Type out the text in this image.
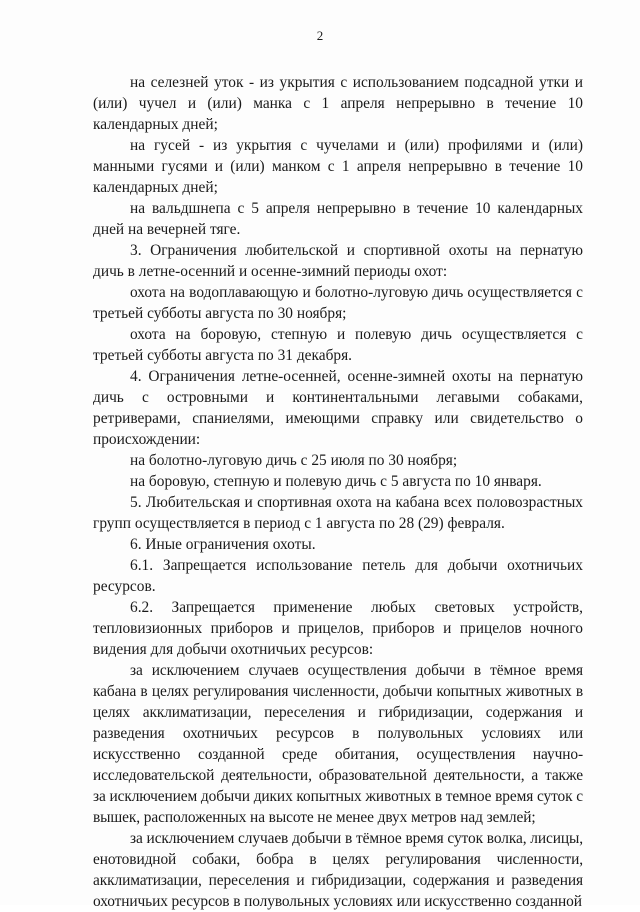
2

на селезней уток - из укрытия с использованием подсадной утки и (или) чучел и (или) манка с 1 апреля непрерывно в течение 10 календарных дней;

на гусей - из укрытия с чучелами и (или) профилями и (или) манными гусями и (или) манком с 1 апреля непрерывно в течение 10 календарных дней;

на вальдшнепа с 5 апреля непрерывно в течение 10 календарных дней на вечерней тяге.

3. Ограничения любительской и спортивной охоты на пернатую дичь в летне-осенний и осенне-зимний периоды охот:

охота на водоплавающую и болотно-луговую дичь осуществляется с третьей субботы августа по 30 ноября;

охота на боровую, степную и полевую дичь осуществляется с третьей субботы августа по 31 декабря.

4. Ограничения летне-осенней, осенне-зимней охоты на пернатую дичь с островными и континентальными легавыми собаками, ретриверами, спаниелями, имеющими справку или свидетельство о происхождении:

на болотно-луговую дичь с 25 июля по 30 ноября;

на боровую, степную и полевую дичь с 5 августа по 10 января.

5. Любительская и спортивная охота на кабана всех половозрастных групп осуществляется в период с 1 августа по 28 (29) февраля.

6. Иные ограничения охоты.

6.1. Запрещается использование петель для добычи охотничьих ресурсов.

6.2. Запрещается применение любых световых устройств, тепловизионных приборов и прицелов, приборов и прицелов ночного видения для добычи охотничьих ресурсов:

за исключением случаев осуществления добычи в тёмное время кабана в целях регулирования численности, добычи копытных животных в целях акклиматизации, переселения и гибридизации, содержания и разведения охотничьих ресурсов в полувольных условиях или искусственно созданной среде обитания, осуществления научно-исследовательской деятельности, образовательной деятельности, а также за исключением добычи диких копытных животных в темное время суток с вышек, расположенных на высоте не менее двух метров над землей;

за исключением случаев добычи в тёмное время суток волка, лисицы, енотовидной собаки, бобра в целях регулирования численности, акклиматизации, переселения и гибридизации, содержания и разведения охотничьих ресурсов в полувольных условиях или искусственно созданной
